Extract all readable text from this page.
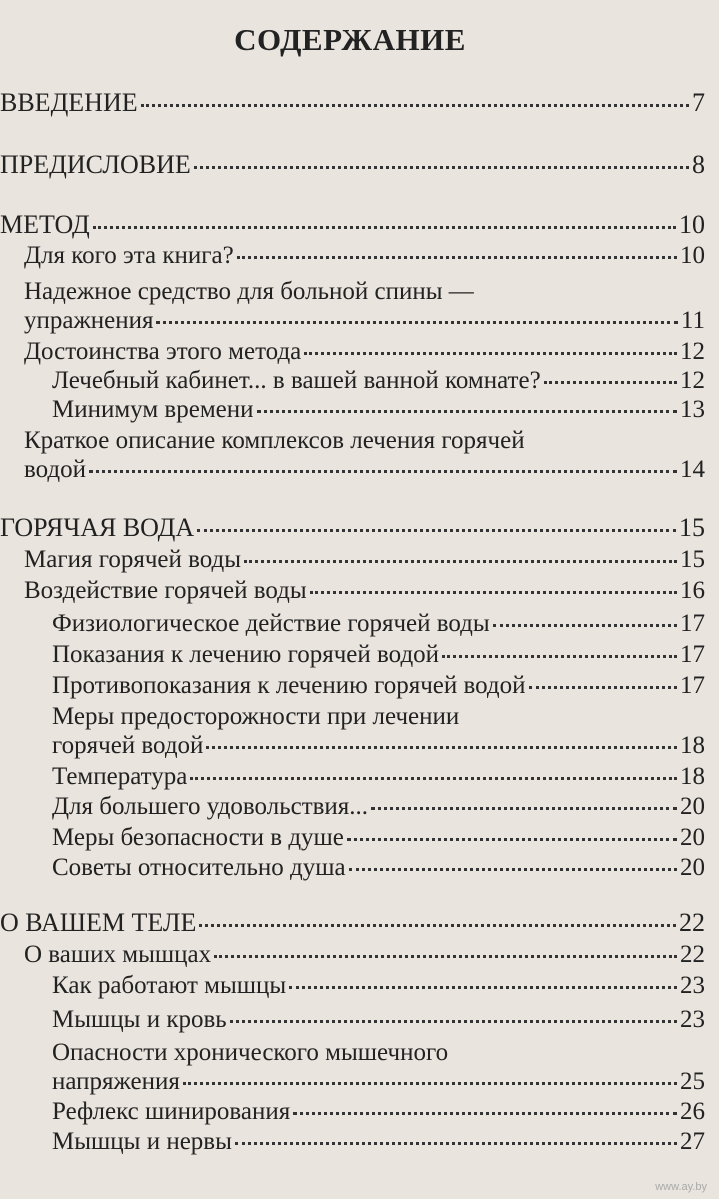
СОДЕРЖАНИЕ
ВВЕДЕНИЕ	7
ПРЕДИСЛОВИЕ	8
МЕТОД	10
Для кого эта книга?	10
Надежное средство для больной спины —
упражнения	11
Достоинства этого метода	12
Лечебный кабинет... в вашей ванной комнате?	12
Минимум времени	13
Краткое описание комплексов лечения горячей
водой	14
ГОРЯЧАЯ ВОДА	15
Магия горячей воды	15
Воздействие горячей воды	16
Физиологическое действие горячей воды	17
Показания к лечению горячей водой	17
Противопоказания к лечению горячей водой	17
Меры предосторожности при лечении
горячей водой	18
Температура	18
Для большего удовольствия...	20
Меры безопасности в душе	20
Советы относительно душа	20
О ВАШЕМ ТЕЛЕ	22
О ваших мышцах	22
Как работают мышцы	23
Мышцы и кровь	23
Опасности хронического мышечного
напряжения	25
Рефлекс шинирования	26
Мышцы и нервы	27
www.ay.by
